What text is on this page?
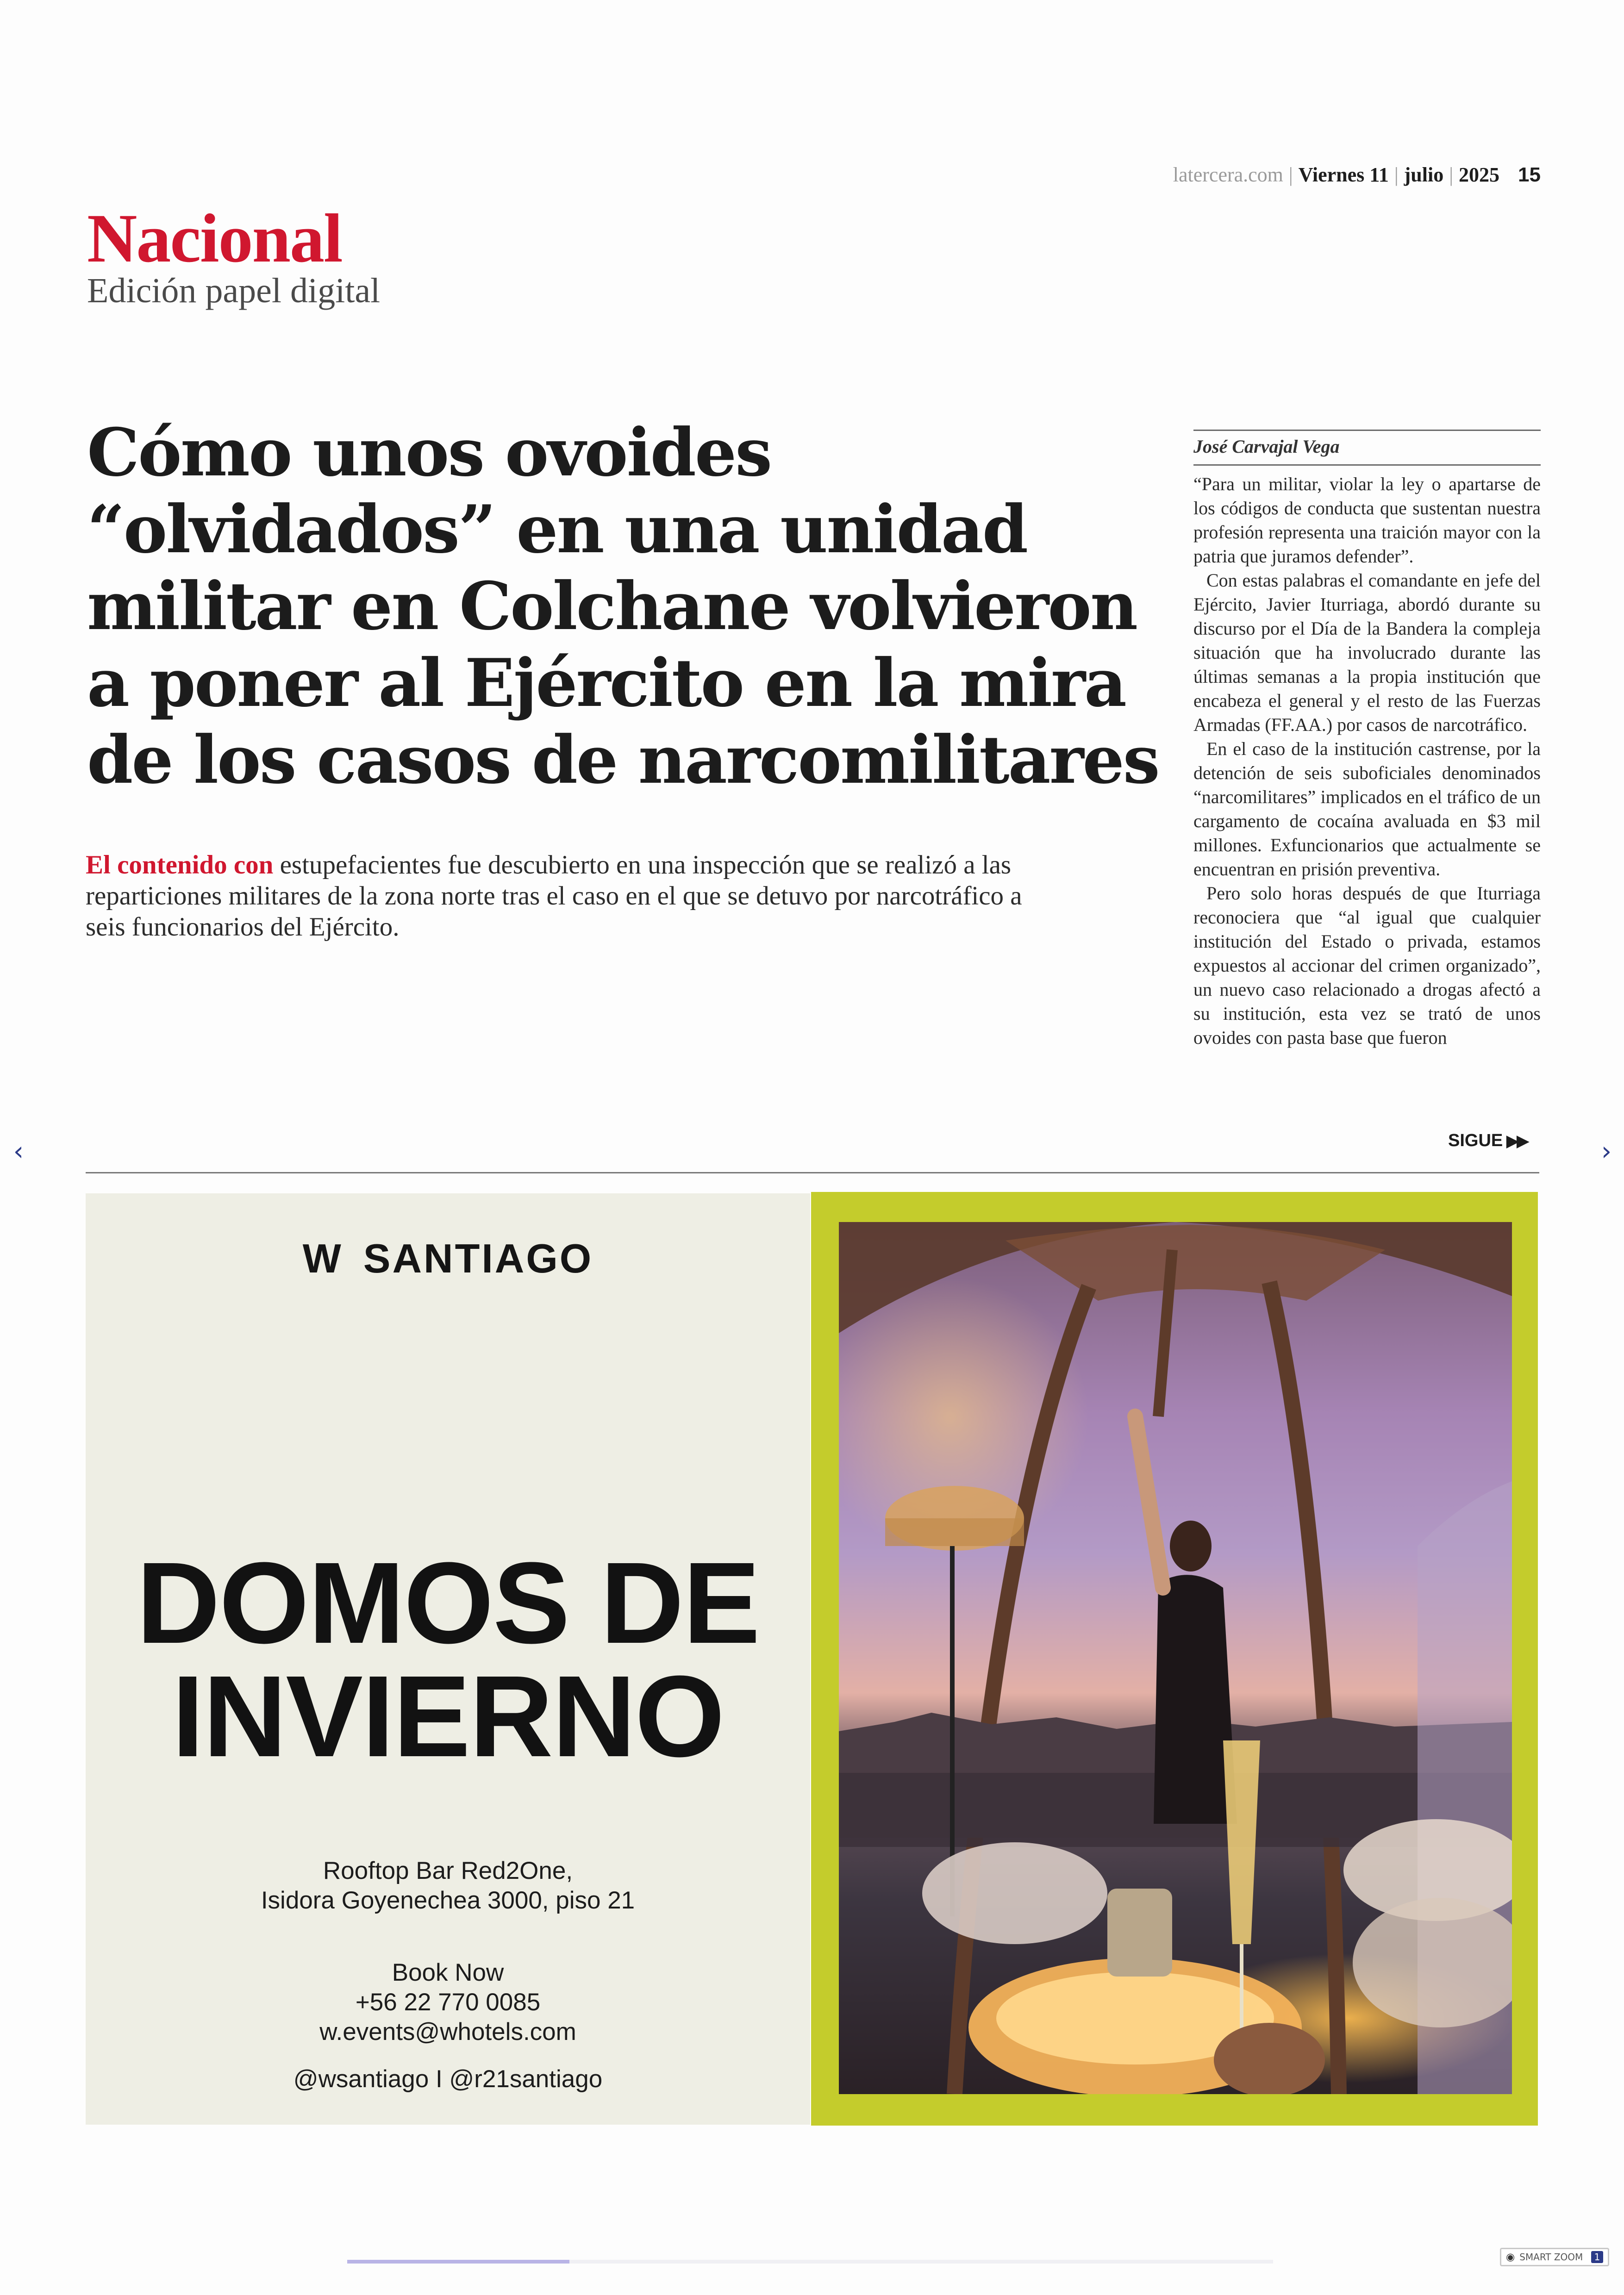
latercera.com | Viernes 11 | julio | 2025 15
Nacional
Edición papel digital
Cómo unos ovoides “olvidados” en una unidad militar en Colchane volvieron a poner al Ejército en la mira de los casos de narcomilitares

El contenido con estupefacientes fue descubierto en una inspección que se realizó a las reparticiones militares de la zona norte tras el caso en el que se detuvo por narcotráfico a seis funcionarios del Ejército.

José Carvajal Vega

“Para un militar, violar la ley o apartarse de los códigos de conducta que sustentan nuestra profesión representa una traición mayor con la patria que juramos defender”.

Con estas palabras el comandante en jefe del Ejército, Javier Iturriaga, abordó durante su discurso por el Día de la Bandera la compleja situación que ha involucrado durante las últimas semanas a la propia institución que encabeza el general y el resto de las Fuerzas Armadas (FF.AA.) por casos de narcotráfico.

En el caso de la institución castrense, por la detención de seis suboficiales denominados “narcomilitares” implicados en el tráfico de un cargamento de cocaína avaluada en $3 mil millones. Exfuncionarios que actualmente se encuentran en prisión preventiva.

Pero solo horas después de que Iturriaga reconociera que “al igual que cualquier institución del Estado o privada, estamos expuestos al accionar del crimen organizado”, un nuevo caso relacionado a drogas afectó a su institución, esta vez se trató de unos ovoides con pasta base que fueron

SIGUE ▶▶
‹	›
W SANTIAGO
DOMOS DE
INVIERNO
Rooftop Bar Red2One,
Isidora Goyenechea 3000, piso 21
Book Now
+56 22 770 0085
w.events@whotels.com
@wsantiago I @r21santiago
◉ SMART ZOOM	1
